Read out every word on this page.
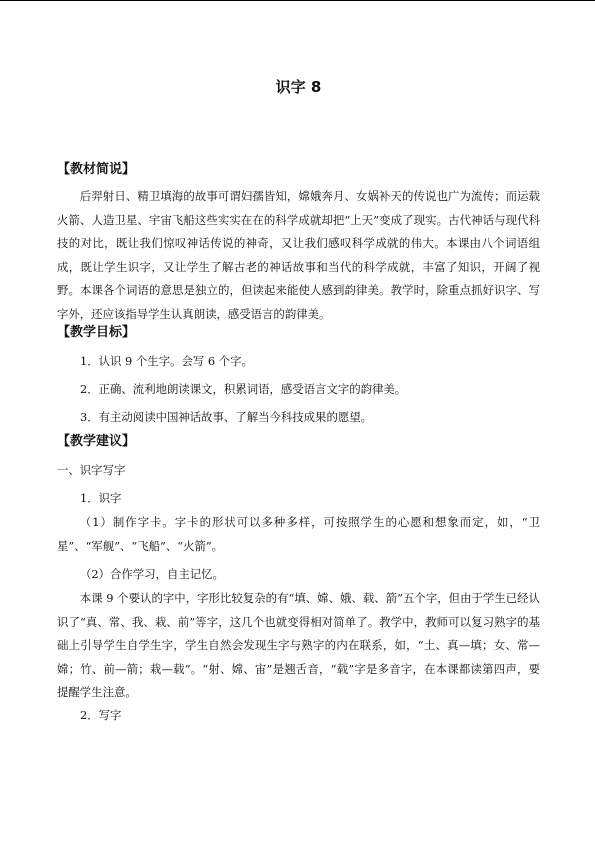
识字 8
【教材简说】

后羿射日、精卫填海的故事可谓妇孺皆知，嫦娥奔月、女娲补天的传说也广为流传；而运载火箭、人造卫星、宇宙飞船这些实实在在的科学成就却把“上天”变成了现实。古代神话与现代科技的对比，既让我们惊叹神话传说的神奇，又让我们感叹科学成就的伟大。本课由八个词语组成，既让学生识字，又让学生了解古老的神话故事和当代的科学成就，丰富了知识，开阔了视野。本课各个词语的意思是独立的，但读起来能使人感到韵律美。教学时，除重点抓好识字、写字外，还应该指导学生认真朗读，感受语言的韵律美。

【教学目标】
1．认识 9 个生字。会写 6 个字。
2．正确、流利地朗读课文，积累词语，感受语言文字的韵律美。
3．有主动阅读中国神话故事、了解当今科技成果的愿望。
【教学建议】
一、识字写字
1．识字

（1）制作字卡。字卡的形状可以多种多样，可按照学生的心愿和想象而定，如，“卫星”、“军舰”、“飞船”、“火箭”。

（2）合作学习，自主记忆。

本课 9 个要认的字中，字形比较复杂的有“填、嫦、娥、载、箭”五个字，但由于学生已经认识了“真、常、我、栽、前”等字，这几个也就变得相对简单了。教学中，教师可以复习熟字的基础上引导学生自学生字，学生自然会发现生字与熟字的内在联系，如，“土、真—填；女、常—嫦；竹、前—箭；栽—载”。“射、嫦、宙”是翘舌音，“载”字是多音字，在本课都读第四声，要提醒学生注意。

2．写字
